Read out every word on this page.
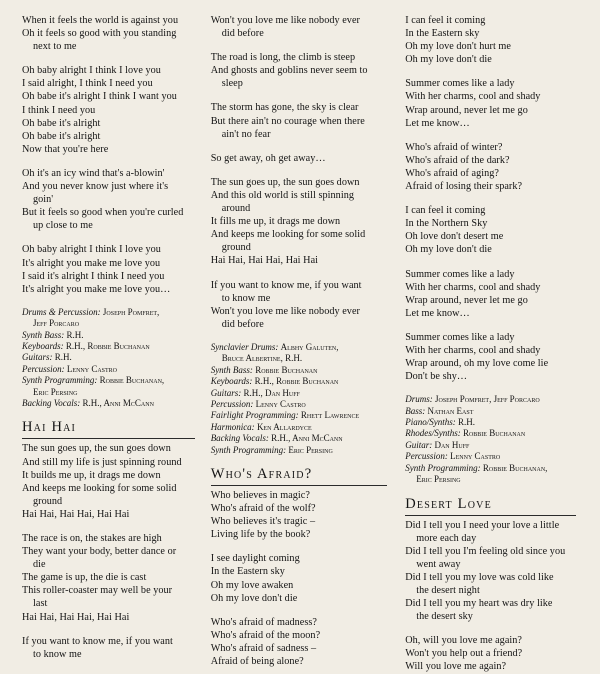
When it feels the world is against you

Oh it feels so good with you standing

next to me

Oh baby alright I think I love you

I said alright, I think I need you

Oh babe it's alright I think I want you

I think I need you

Oh babe it's alright

Oh babe it's alright

Now that you're here

Oh it's an icy wind that's a-blowin'

And you never know just where it's

goin'

But it feels so good when you're curled

up close to me

Oh baby alright I think I love you

It's alright you make me love you

I said it's alright I think I need you

It's alright you make me love you…

Drums & Percussion: Joseph Pomfret,

Jeff Porcaro

Synth Bass: R.H.

Keyboards: R.H., Robbie Buchanan

Guitars: R.H.

Percussion: Lenny Castro

Synth Programming: Robbie Buchanan,

Eric Persing

Backing Vocals: R.H., Anni McCann

Hai Hai

The sun goes up, the sun goes down

And still my life is just spinning round

It builds me up, it drags me down

And keeps me looking for some solid

ground

Hai Hai, Hai Hai, Hai Hai

The race is on, the stakes are high

They want your body, better dance or

die

The game is up, the die is cast

This roller-coaster may well be your

last

Hai Hai, Hai Hai, Hai Hai

If you want to know me, if you want

to know me

Won't you love me like nobody ever

did before

The road is long, the climb is steep

And ghosts and goblins never seem to

sleep

The storm has gone, the sky is clear

But there ain't no courage when there

ain't no fear

So get away, oh get away…

The sun goes up, the sun goes down

And this old world is still spinning

around

It fills me up, it drags me down

And keeps me looking for some solid

ground

Hai Hai, Hai Hai, Hai Hai

If you want to know me, if you want

to know me

Won't you love me like nobody ever

did before

Synclavier Drums: Albhy Galuten,

Bruce Albertine, R.H.

Synth Bass: Robbie Buchanan

Keyboards: R.H., Robbie Buchanan

Guitars: R.H., Dan Huff

Percussion: Lenny Castro

Fairlight Programming: Rhett Lawrence

Harmonica: Ken Allardyce

Backing Vocals: R.H., Anni McCann

Synth Programming: Eric Persing

Who's Afraid?

Who believes in magic?

Who's afraid of the wolf?

Who believes it's tragic –

Living life by the book?

I see daylight coming

In the Eastern sky

Oh my love awaken

Oh my love don't die

Who's afraid of madness?

Who's afraid of the moon?

Who's afraid of sadness –

Afraid of being alone?

I can feel it coming

In the Eastern sky

Oh my love don't hurt me

Oh my love don't die

Summer comes like a lady

With her charms, cool and shady

Wrap around, never let me go

Let me know…

Who's afraid of winter?

Who's afraid of the dark?

Who's afraid of aging?

Afraid of losing their spark?

I can feel it coming

In the Northern Sky

Oh love don't desert me

Oh my love don't die

Summer comes like a lady

With her charms, cool and shady

Wrap around, never let me go

Let me know…

Summer comes like a lady

With her charms, cool and shady

Wrap around, oh my love come lie

Don't be shy…

Drums: Joseph Pomfret, Jeff Porcaro

Bass: Nathan East

Piano/Synths: R.H.

Rhodes/Synths: Robbie Buchanan

Guitar: Dan Huff

Percussion: Lenny Castro

Synth Programming: Robbie Buchanan,

Eric Persing

Desert Love

Did I tell you I need your love a little

more each day

Did I tell you I'm feeling old since you

went away

Did I tell you my love was cold like

the desert night

Did I tell you my heart was dry like

the desert sky

Oh, will you love me again?

Won't you help out a friend?

Will you love me again?
